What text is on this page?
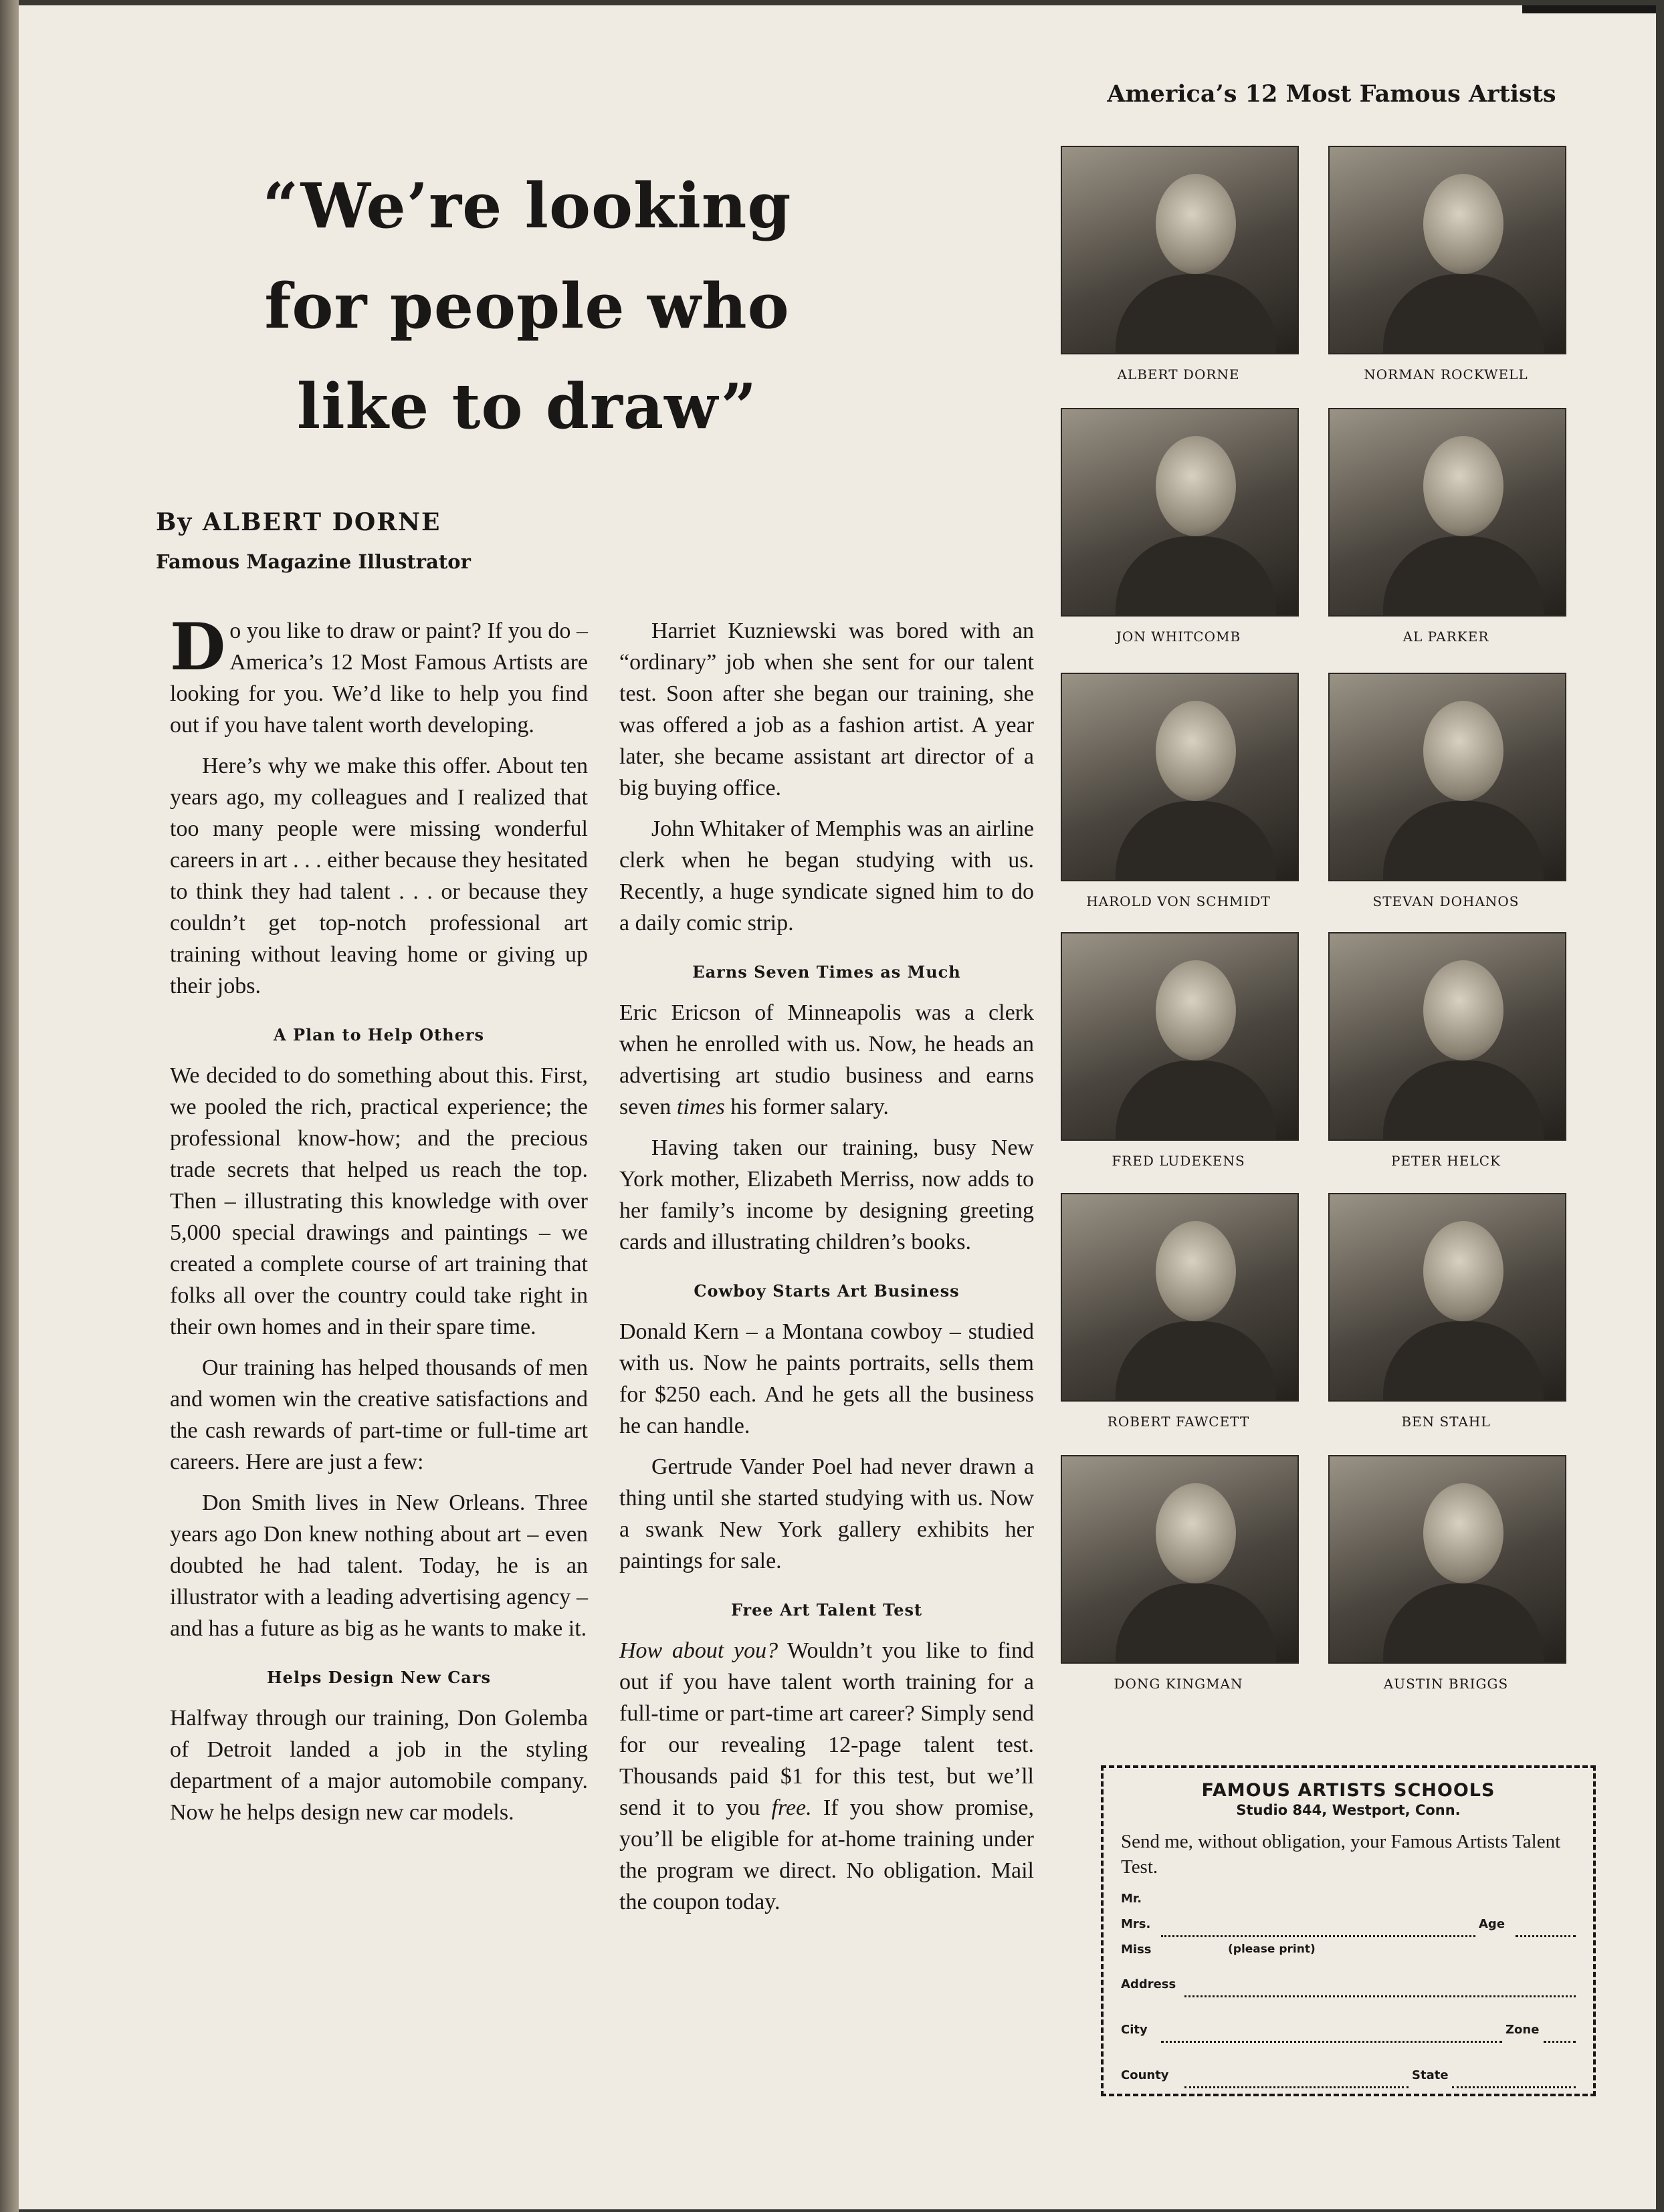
America’s 12 Most Famous Artists
“We’re looking
for people who
like to draw”
By ALBERT DORNE
Famous Magazine Illustrator

Do you like to draw or paint? If you do – America’s 12 Most Famous Artists are looking for you. We’d like to help you find out if you have talent worth developing.

Here’s why we make this offer. About ten years ago, my colleagues and I realized that too many people were missing wonderful careers in art . . . either because they hesitated to think they had talent . . . or because they couldn’t get top-notch professional art training without leaving home or giving up their jobs.

A Plan to Help Others

We decided to do something about this. First, we pooled the rich, practical experience; the professional know-how; and the precious trade secrets that helped us reach the top. Then – illustrating this knowledge with over 5,000 special drawings and paintings – we created a complete course of art training that folks all over the country could take right in their own homes and in their spare time.

Our training has helped thousands of men and women win the creative satisfactions and the cash rewards of part-time or full-time art careers. Here are just a few:

Don Smith lives in New Orleans. Three years ago Don knew nothing about art – even doubted he had talent. Today, he is an illustrator with a leading advertising agency – and has a future as big as he wants to make it.

Helps Design New Cars

Halfway through our training, Don Golemba of Detroit landed a job in the styling department of a major automobile company. Now he helps design new car models.

Harriet Kuzniewski was bored with an “ordinary” job when she sent for our talent test. Soon after she began our training, she was offered a job as a fashion artist. A year later, she became assistant art director of a big buying office.

John Whitaker of Memphis was an airline clerk when he began studying with us. Recently, a huge syndicate signed him to do a daily comic strip.

Earns Seven Times as Much

Eric Ericson of Minneapolis was a clerk when he enrolled with us. Now, he heads an advertising art studio business and earns seven times his former salary.

Having taken our training, busy New York mother, Elizabeth Merriss, now adds to her family’s income by designing greeting cards and illustrating children’s books.

Cowboy Starts Art Business

Donald Kern – a Montana cowboy – studied with us. Now he paints portraits, sells them for $250 each. And he gets all the business he can handle.

Gertrude Vander Poel had never drawn a thing until she started studying with us. Now a swank New York gallery exhibits her paintings for sale.

Free Art Talent Test

How about you? Wouldn’t you like to find out if you have talent worth training for a full-time or part-time art career? Simply send for our revealing 12-page talent test. Thousands paid $1 for this test, but we’ll send it to you free. If you show promise, you’ll be eligible for at-home training under the program we direct. No obligation. Mail the coupon today.

ALBERT DORNE	NORMAN ROCKWELL
JON WHITCOMB	AL PARKER
HAROLD VON SCHMIDT	STEVAN DOHANOS
FRED LUDEKENS	PETER HELCK
ROBERT FAWCETT	BEN STAHL
DONG KINGMAN	AUSTIN BRIGGS
FAMOUS ARTISTS SCHOOLS
Studio 844, Westport, Conn.
Send me, without obligation, your Famous Artists Talent Test.
Mr.
Mrs.	Age
Miss	(please print)
Address
City	Zone
County	State
